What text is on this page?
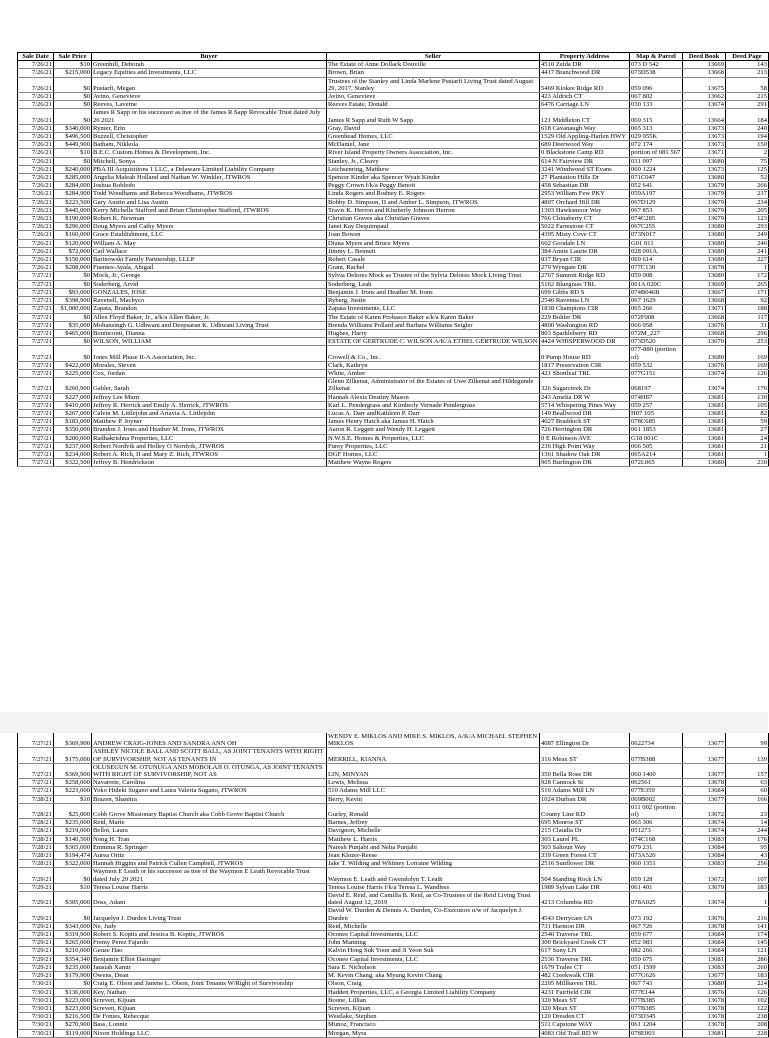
Sale Date	Sale Price	Buyer	Seller	Property Address	Map & Parcel	Deed Book	Deed Page
7/26/21	$10	Greenhill, Deborah	The Estate of Anne Dollack Douville	4510 Zelda DR	073 D 542	13669	143
7/26/21	$215,000	Legacy Equities and Investments, LLC	Brown, Brian	4417 Branchwood DR	073D538	13668	213
7/26/21	$0	Pustarfi, Megan	Trustees of the Stanley and Linda Marlene Pustarfi Living Trust dated August 29, 2017, Stanley	5469 Kiokee Ridge RD	059 096	13675	58
7/26/21	$0	Avino, Genevieve	Avino, Genevieve	423 Aldrich CT	067 802	13662	215
7/26/21	$0	Reeves, Laverne	Reeves Estate, Donald	6476 Carriage LN	030 133	13674	291
7/26/21	$0	James R Sapp or his successor as ttee of the James R Sapp Revocable Trust dated July 26 2021	James R Sapp and Ruth W Sapp	121 Middleton CT	069 315	13664	184
7/26/21	$340,000	Rymer, Erin	Gray, David	618 Cavanaugh Way	065 313	13673	240
7/26/21	$496,500	Buzzell, Christopher	Greenhead Homes, LLC	1529 Old Appling-Harlen HWY	029 055K	13673	194
7/26/21	$449,900	Batham, Nikkola	McDaniel, Jane	689 Deerwood Way	072 174	13673	150
7/26/21	$10	B.E.C. Custom Homes & Development, Inc.	River Island Property Owners Association, Inc.	0 Blackstone Camp RD	portion of 081 567	13671	2
7/26/21	$0	Mitchell, Sonya	Stanley, Jr., Cleavy	614 N Fairview DR	031 097	13680	75
7/26/21	$240,000	PBA III Acquisitions 1 LLC, a Delaware Limited Liability Company	Leichsenring, Matthew	3241 Windwood ST Evans	060 1224	13673	125
7/26/21	$285,000	Angelia Maleah Holland and Nathan W. Winkler, JTWROS	Spencer Kinder aka Spencer Wyatt Kinder	27 Plantation Hills Dr	071C047	13680	52
7/26/21	$284,000	Joshua Robledo	Peggy Crown f/k/a Peggy Benoit	458 Sebastian DR	052 641	13679	266
7/26/21	$284,900	Todd Woodhams and Rebecca Woodhams, JTWROS	Linda Rogers and Rodney E. Rogers	2953 William Few PKY	059A197	13679	237
7/26/21	$223,500	Gary Austin and Lisa Austin	Bobby D. Simpson, II and Amber L. Simpson, JTWROS	4807 Orchard Hill DR	067D129	13679	234
7/26/21	$445,000	Kerry Michelle Stafford and Brian Christopher Stafford, JTWROS	Travis K. Herron and Kimberly Johnson Herron	1303 Hawksmoor Way	067 853	13679	205
7/26/21	$190,000	Robert K. Newman	Christian Graves aka Christian Graves	766 Chinaberry CT	074C285	13679	123
7/26/21	$296,000	Doug Myers and Cathy Myers	Janet Kay Dequimpaul	5022 Farmstone CT	067C255	13680	293
7/26/21	$160,000	Grace Establishment, LLC	Joan Bowen	4395 Misty Cove CT	073N017	13680	249
7/26/21	$120,000	William A. May	Diana Myers and Bruce Myers	602 Goodale LN	G01 011	13680	246
7/26/21	$72,000	Carl Wallace	Jimmy L. Bennett	384 Annie Laurie DR	028 091A	13680	241
7/26/21	$150,000	Barinowski Family Partnership, LLLP	Robert Casale	837 Bryan CIR	069 614	13680	227
7/26/21	$208,000	Fuentes-Ayala, Abigail	Grant, Rachel	279 Wyngate DR	077C130	13678	1
7/27/21	$0	Mock, Jr., George	Sylvia Delores Mock as Trustee of the Sylvia Delores Mock Living Trust	2767 Summit Ridge RD	059 008	13680	172
7/27/21	$0	Soderberg, Arvid	Soderberg, Leah	5162 Bluegrass TRL	061A 020C	13669	265
7/27/21	$93,000	GONZALES, JOSE	Benjamin J. Irons and Heather M. Irons	699 Gibbs RD S	074B046B	13667	171
7/27/21	$398,900	Ravenell, Machyco	Ryberg, Justin	2546 Ravenna LN	067 1629	13668	92
7/27/21	$1,000,000	Zapata, Brandon	Zapata Investments, LLC	1838 Champions CIR	065 266	13671	188
7/27/21	$0	Allen Floyd Baker, Jr., a/k/a Allen Baker, Jr.	The Estate of Karen Probasco Baker a/k/a Karen Baker	229 Bohler DR	072F008	13668	117
7/27/21	$35,000	Mohansingh G. Udhwani and Deepsaran K. Udhwani Living Trust	Brenda Williams Pollard and Barbara Williams Seigler	4800 Washington RD	066 058	13676	31
7/27/21	$465,000	Boninconti, Dianna	Hughes, Harry	803 Sparkleberry RD	072M_227	13668	296
7/27/21	$0	WILSON, WILLIAM	ESTATE OF GERTRUDE C. WILSON A/K/A ETHEL GERTRUDE WILSON	4424 WHISPERWOOD DR	073D520	13670	253
7/27/21	$0	Jones Mill Phase II-A Association, Inc.	Crowell & Co., Inc.	0 Pump House RD	077-880 (portion of)	13680	169
7/27/21	$422,000	Morales, Steven	Clark, Kathryn	1817 Preservation CIR	059 532	13676	169
7/27/21	$225,000	Cox, Jordan	White, Amber	421 Shortleaf TRL	077G151	13674	126
7/27/21	$260,900	Gabler, Sarah	Glenn Zilkenat, Administrator of the Estates of Uwe Zilkenat and Hildegunde Zilkenat	326 Sugarcreek Dr	068197	13674	176
7/27/21	$227,000	Jeffrey Lee Murri	Hannah Alexis Destiny Mason	243 Amelia DR W	074H87	13681	130
7/27/21	$410,000	Jeffrey R. Herrick and Emily A. Herrick, JTWROS	Karl L. Pendergrass and Kimberly Vernade Pendergrass	5714 Whispering Pines Way	059 257	13681	105
7/27/21	$267,000	Calvin M. Littlejohn and Artavia A. Littlejohn	Lucas A. Darr andKathleen P. Darr	149 Beallwood DR	H07 105	13681	82
7/27/21	$183,000	Matthew P. Joyner	James Henry Hatch aka James H. Hatch	4027 Braddock ST	078C685	13681	59
7/27/21	$350,000	Brandon J. Irons and Heather M. Irons, JTWROS	Aaron R. Leggett and Wendy H. Leggett	726 Herrington DR	061 1853	13681	27
7/27/21	$200,000	Radhakrishna Properties, LLC	N.W.S.E. Homes & Properties, LLC	0 E Robinson AVE	G18 001C	13681	24
7/27/21	$237,000	Robert Nordvik and Holley O Nordvik, JTWROS	Furey Properties, LLC	236 High Point Way	066 505	13681	21
7/27/21	$234,000	Robert A. Rich, II and Mary Z. Rich, JTWROS	DGF Homes, LLC	1361 Shadow Oak DR	065A214	13681	1
7/27/21	$322,500	Jeffrey B. Hendrickson	Matthew Wayne Rogers	905 Burlington DR	072L065	13680	230
7/27/21	$369,900	ANDREW CRAIG-JONES AND SANDRA ANN OH	WENDY E. MIKLOS AND MIKE S. MIKLOS, A/K/A MICHAEL STEPHEN MIKLOS	4087 Ellington Dr	0622734	13677	99
7/27/21	$175,000	ASHLEY NICOLE BALL AND SCOTT BALL, AS JOINT TENANTS WITH RIGHT OF SURVIVORSHIP, NOT AS TENANTS IN	MERRILL, KIANNA	316 Meax ST	077B388	13677	139
7/27/21	$369,900	OLUSEGUN M. OTUNUGA AND MOBOLAJI O. OTUNGA, AS JOINT TENANTS WITH RIGHT OF SURVIVORSHIP, NOT AS	LIN, MINYAN	350 Bella Rose DR	060 1400	13677	157
7/27/21	$258,000	Navarrete, Carolina	Lewis, Melissa	928 Cannock St	062561	13678	63
7/27/21	$223,000	Yoko Hideki Sugano and Laura Valeria Sugano, JTWROS	510 Adams Mill LLC	510 Adams Mill LN	077E359	13684	60
7/28/21	$10	Brazen, Shanitra	Berry, Kevin	1024 Durban DR	069B002	13677	166
7/28/21	$25,000	Cobb Grove Missionary Baptist Church aka Cobb Grove Baptist Church	Gurley, Ronald	County Line RD	011 002 (portion of)	13672	23
7/28/21	$235,000	Reid, Marie	Barnes, Jeffrey	695 Monroe ST	063 306	13674	14
7/28/21	$219,000	Bellot, Laura	Davignon, Michelle	215 Claudia Dr	051273	13674	244
7/28/21	$140,500	Nong H. Tran	Matthew L. Harris	303 Laurel PL	074C168	13683	176
7/28/21	$365,000	Emmma R. Springer	Naresh Punjabi and Neha Punjabi	503 Saltoun Way	079 231	13684	95
7/28/21	$194,474	Aurea Ortiz	Jean Klozer-Reese	339 Green Forest CT	073A520	13684	43
7/28/21	$322,000	Hannah Higgins and Patrick Cullen Campbell, JTWROS	Jake T. Wilding and Whitney Lorraine Wilding	2516 Sunflower DR	060 1351	13683	256
7/29/21	$0	Waymon E Leath or his successor as ttee of the Waymon E Leath Revocable Trust dated July 29 2021	Waymon E. Leath and Gwendolyn T. Leath	504 Standing Rock LN	059 128	13672	107
7/29/21	$10	Teresa Louise Harris	Teresa Louise Harris f/k/a Teresa L. Wandless	1989 Sylvan Lake DR	061 401	13679	183
7/29/21	$305,000	Doss, Adam	David E. Reid, and Camilla B. Reid, as Co-Trustees of the Reid Living Trust dated August 12, 2019	4213 Columbia RD	078A025	13674	1
7/29/21	$0	Jacquelyn J. Durden Living Trust	David W. Durden & Dennis A. Durden, Co-Executors u/w of Jacquelyn J. Durden	4543 Derrycare LN	073 192	13676	216
7/29/21	$343,000	Ne, Judy	Reid, Michelle	731 Harmon DR	067 726	13678	141
7/29/21	$319,900	Robert S. Koptis and Jessica B. Koptis, JTWROS	Oconee Capital Investments, LLC	2540 Traverse TRL	059 677	13684	174
7/29/21	$265,000	Fremy Perez Fajardo	John Manning	300 Brickyard Creek CT	052 983	13684	145
7/29/21	$210,000	Geuze Hao	Kalvin Hong Suk Yoon and Ji Yeon Suk	617 Suny LN	082 266	13684	121
7/29/21	$354,340	Benjamin Elliot Dasinger	Oconee Capital Investments, LLC	2536 Traverse TRL	059 675	13681	286
7/29/21	$235,000	Jausiah Xamir	Sara E. Nicholson	1679 Tralee CT	051 1599	13683	260
7/29/21	$179,900	Owens, Dean	M. Kevin Chang, aka Myung Kevin Chang	482 Creekwalk CIR	077G626	13677	183
7/30/21	$0	Craig E. Olson and Janene L. Olson, Joint Tenants W/Right of Survivorship	Olson, Craig	2205 Millhaven TRL	067 743	13680	224
7/30/21	$136,000	Key, Nathan	Hadden Properties, LLC, a Georgia Limited Liability Company	4231 Fairfield CIR	077E144	13676	126
7/30/21	$223,000	Screven, Kijuan	Boone, Lillian	320 Meax ST	077B385	13678	102
7/30/21	$223,000	Screven, Kijuan	Screven, Kijuan	320 Meax ST	077B385	13678	122
7/30/21	$216,500	De Fontes, Rebecque	Westlake, Stephen	120 Dresden CT	073D345	13678	238
7/30/21	$270,900	Bass, Lonnie	Munoz, Francisco	511 Capstone WAY	061 1204	13678	208
7/30/21	$119,000	Nixon Holdings LLC	Morgan, Myra	4083 Old Trail RD W	078E003	13681	228
